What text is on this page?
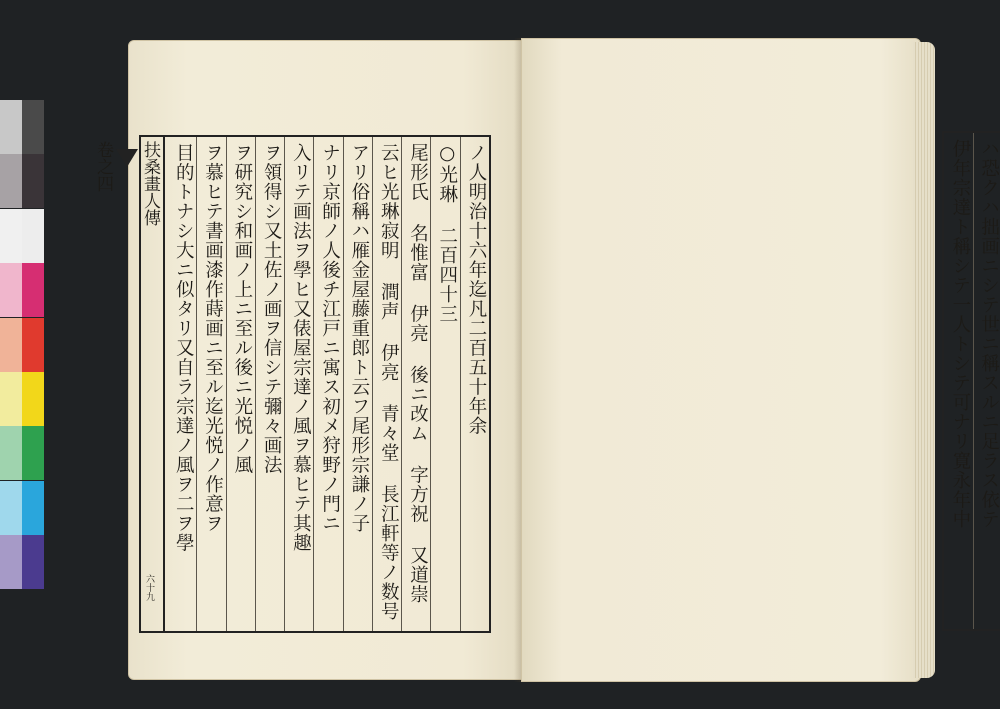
扶桑畫人傳
卷之四
六十九
ノ人明治十六年迄凡二百五十年余
○光琳 二百四十三
尾形氏 名惟富 伊亮 後ニ改ム 字方祝 又道崇
云ヒ光琳寂明 澗声 伊亮 青々堂 長江軒等ノ数号
アリ俗稱ハ雁金屋藤重郎ト云フ尾形宗謙ノ子
ナリ京師ノ人後チ江戸ニ寓ス初メ狩野ノ門ニ
入リテ画法ヲ學ヒ又俵屋宗達ノ風ヲ慕ヒテ其趣
ヲ領得シ又土佐ノ画ヲ信シテ彌々画法
ヲ研究シ和画ノ上ニ至ル後ニ光悦ノ風
ヲ慕ヒテ書画漆作蒔画ニ至ル迄光悦ノ作意ヲ
目的トナシ大ニ似タリ又自ラ宗達ノ風ヲ二ヲ學	ハ恐クハ拙画ニシテ世ニ稱スルニ足ラス依テ
伊年宗達ト稱シテ一人トシテ可ナリ寛永年中
